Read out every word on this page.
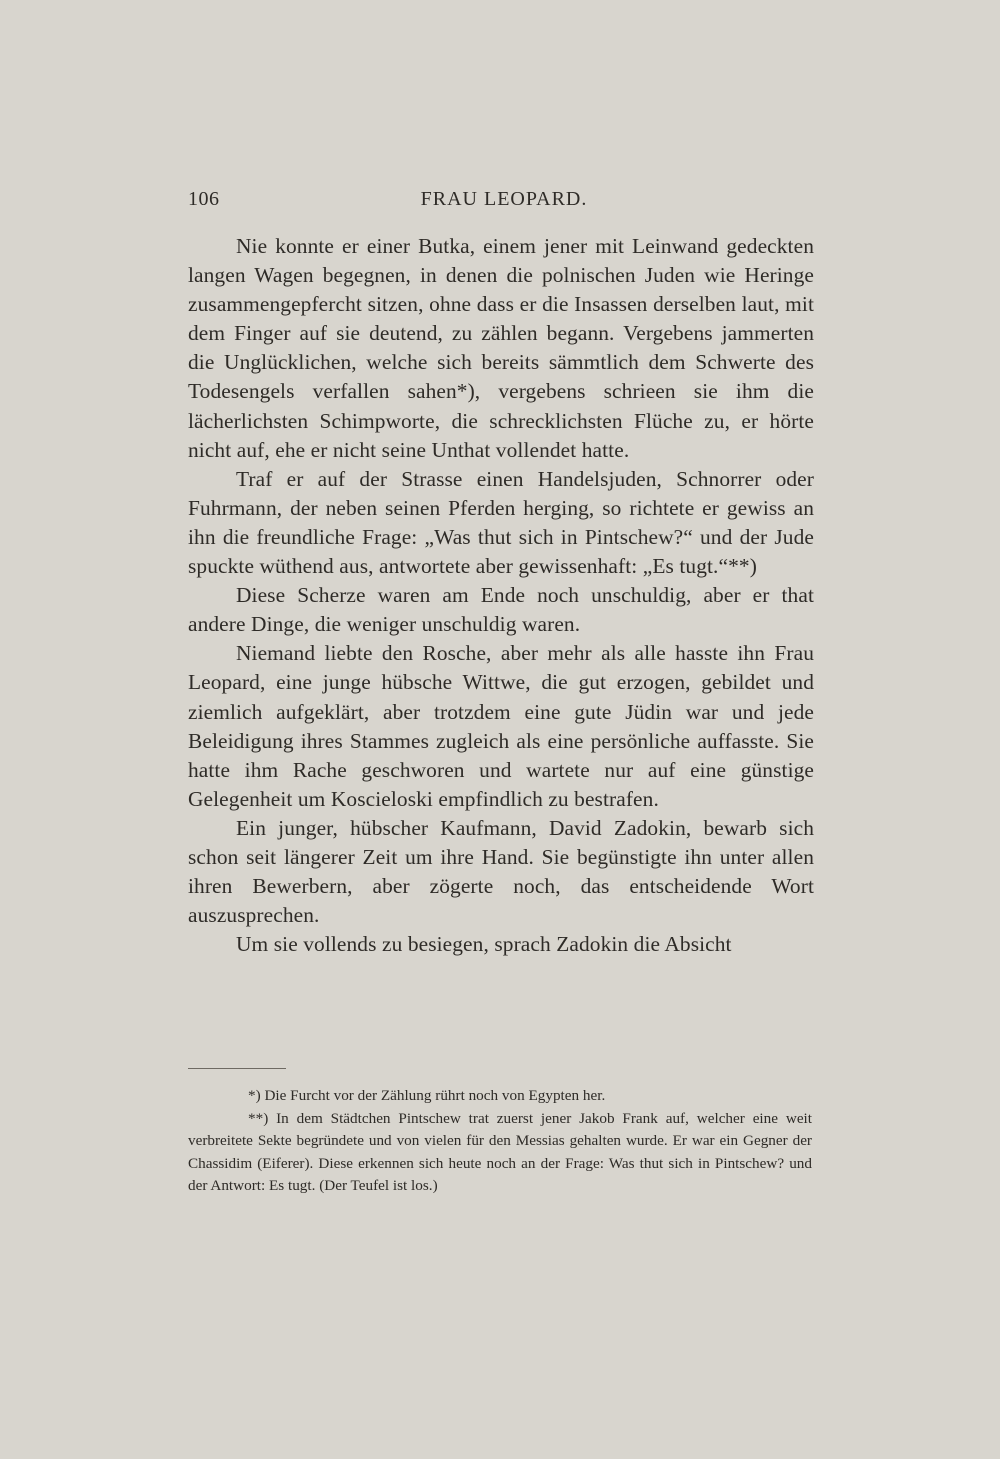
106	FRAU LEOPARD.

Nie konnte er einer Butka, einem jener mit Leinwand gedeckten langen Wagen begegnen, in denen die polnischen Juden wie Heringe zusammengepfercht sitzen, ohne dass er die Insassen derselben laut, mit dem Finger auf sie deutend, zu zählen begann. Vergebens jammerten die Unglücklichen, welche sich bereits sämmtlich dem Schwerte des Todesengels verfallen sahen*), vergebens schrieen sie ihm die lächerlichsten Schimpworte, die schrecklichsten Flüche zu, er hörte nicht auf, ehe er nicht seine Unthat vollendet hatte.

Traf er auf der Strasse einen Handelsjuden, Schnorrer oder Fuhrmann, der neben seinen Pferden herging, so richtete er gewiss an ihn die freundliche Frage: „Was thut sich in Pintschew?“ und der Jude spuckte wüthend aus, antwortete aber gewissenhaft: „Es tugt.“**)

Diese Scherze waren am Ende noch unschuldig, aber er that andere Dinge, die weniger unschuldig waren.

Niemand liebte den Rosche, aber mehr als alle hasste ihn Frau Leopard, eine junge hübsche Wittwe, die gut erzogen, gebildet und ziemlich aufgeklärt, aber trotzdem eine gute Jüdin war und jede Beleidigung ihres Stammes zugleich als eine persönliche auffasste. Sie hatte ihm Rache geschworen und wartete nur auf eine günstige Gelegenheit um Koscieloski empfindlich zu bestrafen.

Ein junger, hübscher Kaufmann, David Zadokin, bewarb sich schon seit längerer Zeit um ihre Hand. Sie begünstigte ihn unter allen ihren Bewerbern, aber zögerte noch, das entscheidende Wort auszusprechen.

Um sie vollends zu besiegen, sprach Zadokin die Absicht

*) Die Furcht vor der Zählung rührt noch von Egypten her.

**) In dem Städtchen Pintschew trat zuerst jener Jakob Frank auf, welcher eine weit verbreitete Sekte begründete und von vielen für den Messias gehalten wurde. Er war ein Gegner der Chassidim (Eiferer). Diese erkennen sich heute noch an der Frage: Was thut sich in Pintschew? und der Antwort: Es tugt. (Der Teufel ist los.)
